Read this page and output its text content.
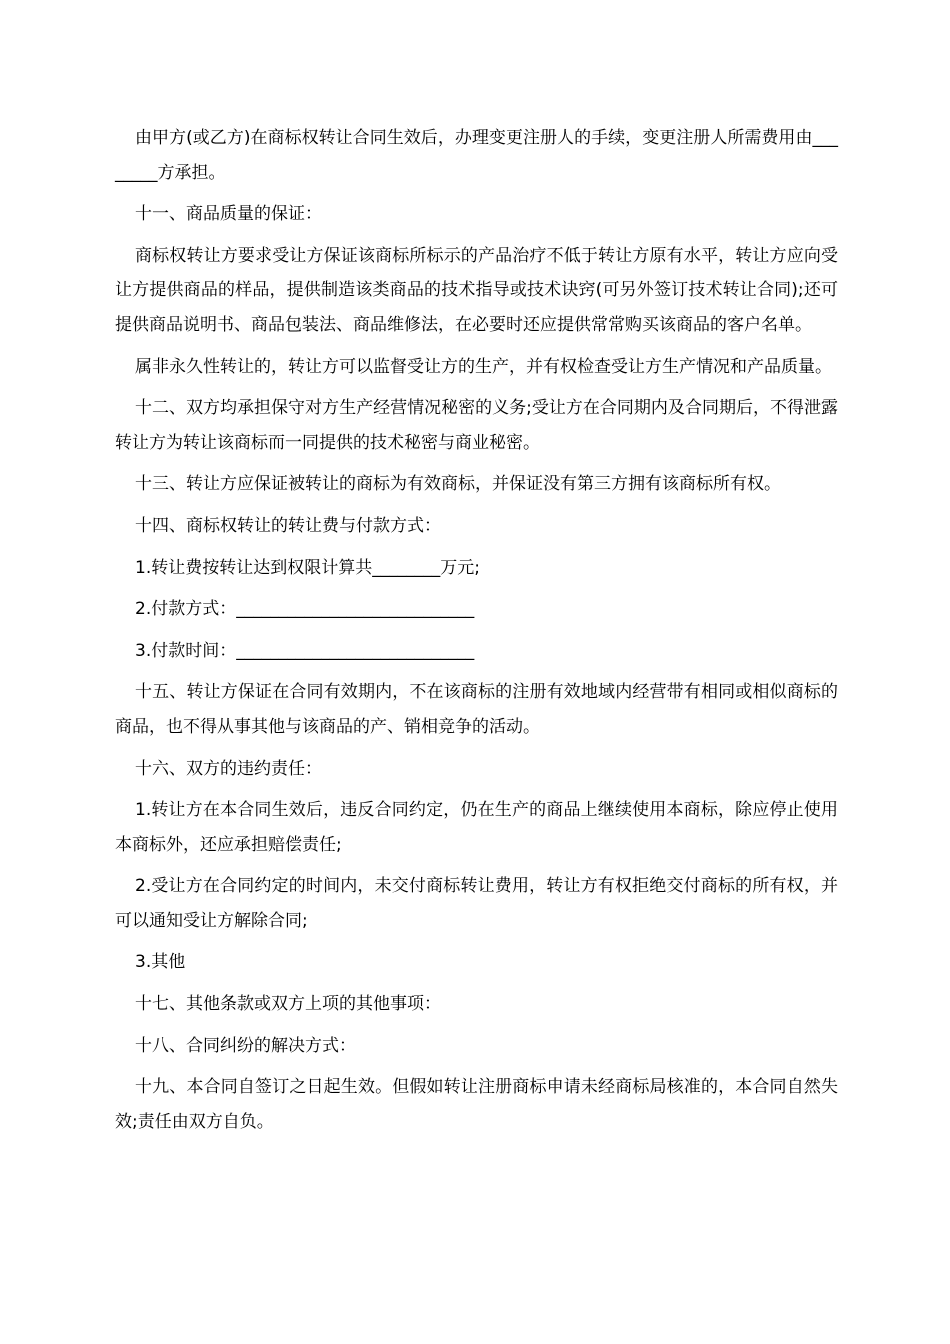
由甲方(或乙方)在商标权转让合同生效后，办理变更注册人的手续，变更注册人所需费用由________方承担。

十一、商品质量的保证：

商标权转让方要求受让方保证该商标所标示的产品治疗不低于转让方原有水平，转让方应向受让方提供商品的样品，提供制造该类商品的技术指导或技术诀窍(可另外签订技术转让合同);还可提供商品说明书、商品包装法、商品维修法，在必要时还应提供常常购买该商品的客户名单。

属非永久性转让的，转让方可以监督受让方的生产，并有权检查受让方生产情况和产品质量。

十二、双方均承担保守对方生产经营情况秘密的义务;受让方在合同期内及合同期后，不得泄露转让方为转让该商标而一同提供的技术秘密与商业秘密。

十三、转让方应保证被转让的商标为有效商标，并保证没有第三方拥有该商标所有权。

十四、商标权转让的转让费与付款方式：

1.转让费按转让达到权限计算共________万元;

2.付款方式：____________________________

3.付款时间：____________________________

十五、转让方保证在合同有效期内，不在该商标的注册有效地域内经营带有相同或相似商标的商品，也不得从事其他与该商品的产、销相竞争的活动。

十六、双方的违约责任：

1.转让方在本合同生效后，违反合同约定，仍在生产的商品上继续使用本商标，除应停止使用本商标外，还应承担赔偿责任;

2.受让方在合同约定的时间内，未交付商标转让费用，转让方有权拒绝交付商标的所有权，并可以通知受让方解除合同;

3.其他

十七、其他条款或双方上项的其他事项：

十八、合同纠纷的解决方式：

十九、本合同自签订之日起生效。但假如转让注册商标申请未经商标局核准的，本合同自然失效;责任由双方自负。
